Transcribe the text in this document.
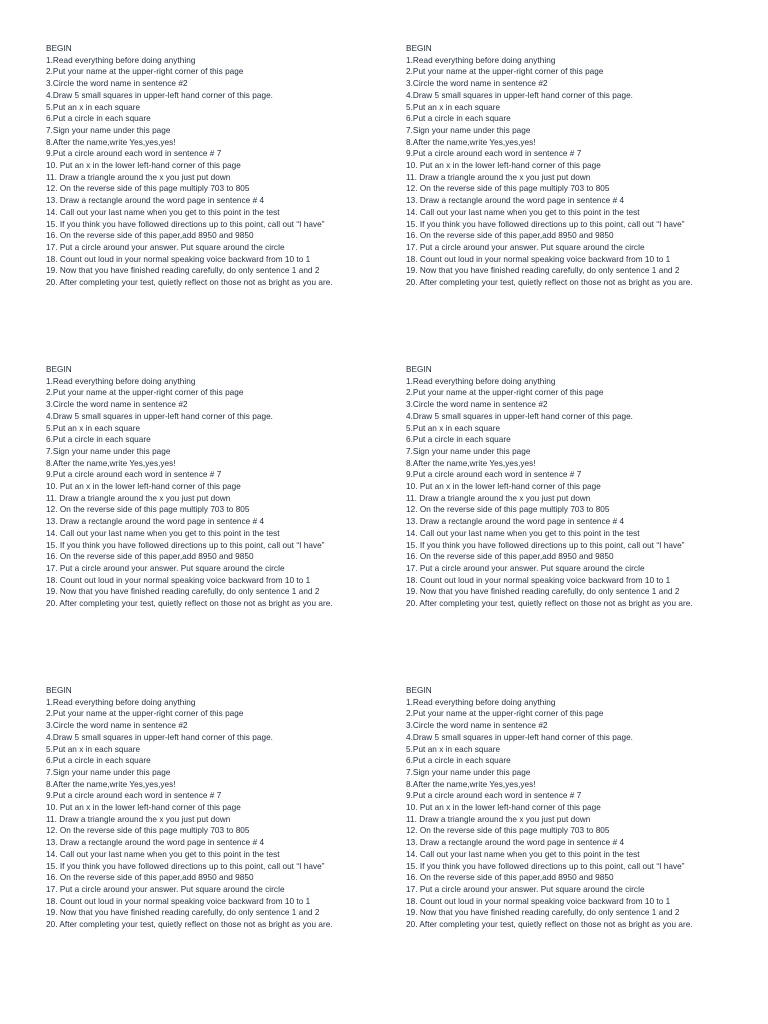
BEGIN
1.Read everything before doing anything
2.Put your name at the upper-right corner of this page
3.Circle the word name in sentence #2
4.Draw 5 small squares in upper-left hand corner of this page.
5.Put an x in each square
6.Put a circle in each square
7.Sign your name under this page
8.After the name,write Yes,yes,yes!
9.Put a circle around each word in sentence # 7
10. Put an x in the lower left-hand corner of this page
11. Draw a triangle around the x you just put down
12. On the reverse side of this page multiply 703 to 805
13. Draw a rectangle around the word page in sentence # 4
14. Call out your last name when you get to this point in the test
15. If you think you have followed directions up to this point, call out “I have”
16. On the reverse side of this paper,add 8950 and 9850
17. Put a circle around your answer. Put square around the circle
18. Count out loud in your normal speaking voice backward from 10 to 1
19. Now that you have finished reading carefully, do only sentence 1 and 2
20. After completing your test, quietly reflect on those not as bright as you are.
BEGIN
1.Read everything before doing anything
2.Put your name at the upper-right corner of this page
3.Circle the word name in sentence #2
4.Draw 5 small squares in upper-left hand corner of this page.
5.Put an x in each square
6.Put a circle in each square
7.Sign your name under this page
8.After the name,write Yes,yes,yes!
9.Put a circle around each word in sentence # 7
10. Put an x in the lower left-hand corner of this page
11. Draw a triangle around the x you just put down
12. On the reverse side of this page multiply 703 to 805
13. Draw a rectangle around the word page in sentence # 4
14. Call out your last name when you get to this point in the test
15. If you think you have followed directions up to this point, call out “I have”
16. On the reverse side of this paper,add 8950 and 9850
17. Put a circle around your answer. Put square around the circle
18. Count out loud in your normal speaking voice backward from 10 to 1
19. Now that you have finished reading carefully, do only sentence 1 and 2
20. After completing your test, quietly reflect on those not as bright as you are.
BEGIN
1.Read everything before doing anything
2.Put your name at the upper-right corner of this page
3.Circle the word name in sentence #2
4.Draw 5 small squares in upper-left hand corner of this page.
5.Put an x in each square
6.Put a circle in each square
7.Sign your name under this page
8.After the name,write Yes,yes,yes!
9.Put a circle around each word in sentence # 7
10. Put an x in the lower left-hand corner of this page
11. Draw a triangle around the x you just put down
12. On the reverse side of this page multiply 703 to 805
13. Draw a rectangle around the word page in sentence # 4
14. Call out your last name when you get to this point in the test
15. If you think you have followed directions up to this point, call out “I have”
16. On the reverse side of this paper,add 8950 and 9850
17. Put a circle around your answer. Put square around the circle
18. Count out loud in your normal speaking voice backward from 10 to 1
19. Now that you have finished reading carefully, do only sentence 1 and 2
20. After completing your test, quietly reflect on those not as bright as you are.
BEGIN
1.Read everything before doing anything
2.Put your name at the upper-right corner of this page
3.Circle the word name in sentence #2
4.Draw 5 small squares in upper-left hand corner of this page.
5.Put an x in each square
6.Put a circle in each square
7.Sign your name under this page
8.After the name,write Yes,yes,yes!
9.Put a circle around each word in sentence # 7
10. Put an x in the lower left-hand corner of this page
11. Draw a triangle around the x you just put down
12. On the reverse side of this page multiply 703 to 805
13. Draw a rectangle around the word page in sentence # 4
14. Call out your last name when you get to this point in the test
15. If you think you have followed directions up to this point, call out “I have”
16. On the reverse side of this paper,add 8950 and 9850
17. Put a circle around your answer. Put square around the circle
18. Count out loud in your normal speaking voice backward from 10 to 1
19. Now that you have finished reading carefully, do only sentence 1 and 2
20. After completing your test, quietly reflect on those not as bright as you are.
BEGIN
1.Read everything before doing anything
2.Put your name at the upper-right corner of this page
3.Circle the word name in sentence #2
4.Draw 5 small squares in upper-left hand corner of this page.
5.Put an x in each square
6.Put a circle in each square
7.Sign your name under this page
8.After the name,write Yes,yes,yes!
9.Put a circle around each word in sentence # 7
10. Put an x in the lower left-hand corner of this page
11. Draw a triangle around the x you just put down
12. On the reverse side of this page multiply 703 to 805
13. Draw a rectangle around the word page in sentence # 4
14. Call out your last name when you get to this point in the test
15. If you think you have followed directions up to this point, call out “I have”
16. On the reverse side of this paper,add 8950 and 9850
17. Put a circle around your answer. Put square around the circle
18. Count out loud in your normal speaking voice backward from 10 to 1
19. Now that you have finished reading carefully, do only sentence 1 and 2
20. After completing your test, quietly reflect on those not as bright as you are.
BEGIN
1.Read everything before doing anything
2.Put your name at the upper-right corner of this page
3.Circle the word name in sentence #2
4.Draw 5 small squares in upper-left hand corner of this page.
5.Put an x in each square
6.Put a circle in each square
7.Sign your name under this page
8.After the name,write Yes,yes,yes!
9.Put a circle around each word in sentence # 7
10. Put an x in the lower left-hand corner of this page
11. Draw a triangle around the x you just put down
12. On the reverse side of this page multiply 703 to 805
13. Draw a rectangle around the word page in sentence # 4
14. Call out your last name when you get to this point in the test
15. If you think you have followed directions up to this point, call out “I have”
16. On the reverse side of this paper,add 8950 and 9850
17. Put a circle around your answer. Put square around the circle
18. Count out loud in your normal speaking voice backward from 10 to 1
19. Now that you have finished reading carefully, do only sentence 1 and 2
20. After completing your test, quietly reflect on those not as bright as you are.
